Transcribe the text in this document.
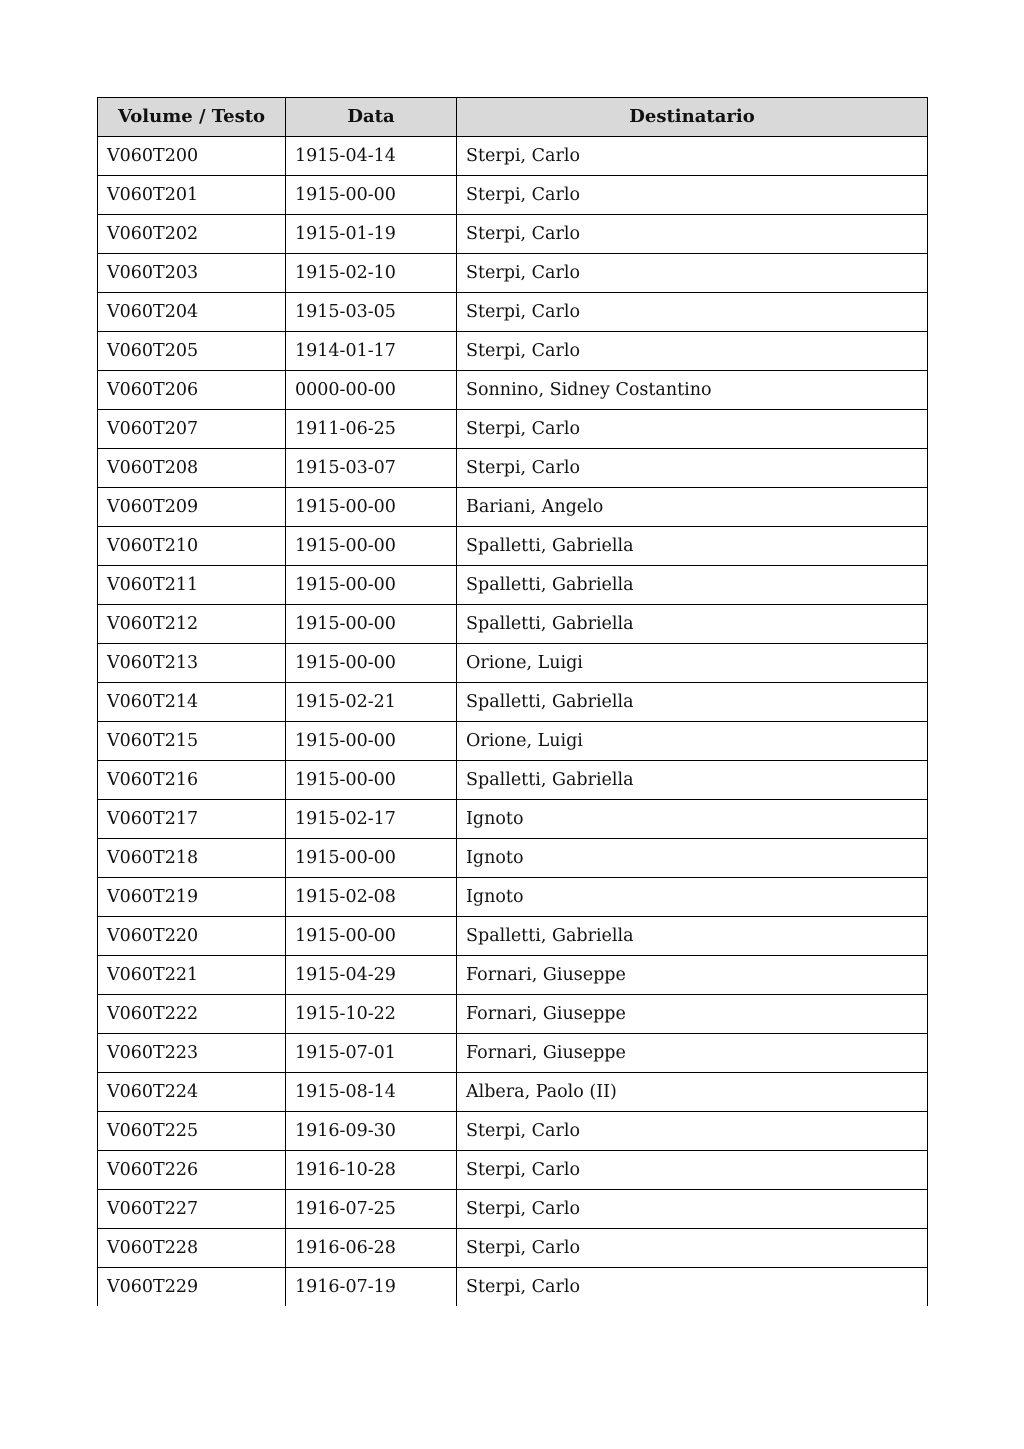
Volume / Testo	Data	Destinatario
V060T200	1915-04-14	Sterpi, Carlo
V060T201	1915-00-00	Sterpi, Carlo
V060T202	1915-01-19	Sterpi, Carlo
V060T203	1915-02-10	Sterpi, Carlo
V060T204	1915-03-05	Sterpi, Carlo
V060T205	1914-01-17	Sterpi, Carlo
V060T206	0000-00-00	Sonnino, Sidney Costantino
V060T207	1911-06-25	Sterpi, Carlo
V060T208	1915-03-07	Sterpi, Carlo
V060T209	1915-00-00	Bariani, Angelo
V060T210	1915-00-00	Spalletti, Gabriella
V060T211	1915-00-00	Spalletti, Gabriella
V060T212	1915-00-00	Spalletti, Gabriella
V060T213	1915-00-00	Orione, Luigi
V060T214	1915-02-21	Spalletti, Gabriella
V060T215	1915-00-00	Orione, Luigi
V060T216	1915-00-00	Spalletti, Gabriella
V060T217	1915-02-17	Ignoto
V060T218	1915-00-00	Ignoto
V060T219	1915-02-08	Ignoto
V060T220	1915-00-00	Spalletti, Gabriella
V060T221	1915-04-29	Fornari, Giuseppe
V060T222	1915-10-22	Fornari, Giuseppe
V060T223	1915-07-01	Fornari, Giuseppe
V060T224	1915-08-14	Albera, Paolo (II)
V060T225	1916-09-30	Sterpi, Carlo
V060T226	1916-10-28	Sterpi, Carlo
V060T227	1916-07-25	Sterpi, Carlo
V060T228	1916-06-28	Sterpi, Carlo
V060T229	1916-07-19	Sterpi, Carlo
